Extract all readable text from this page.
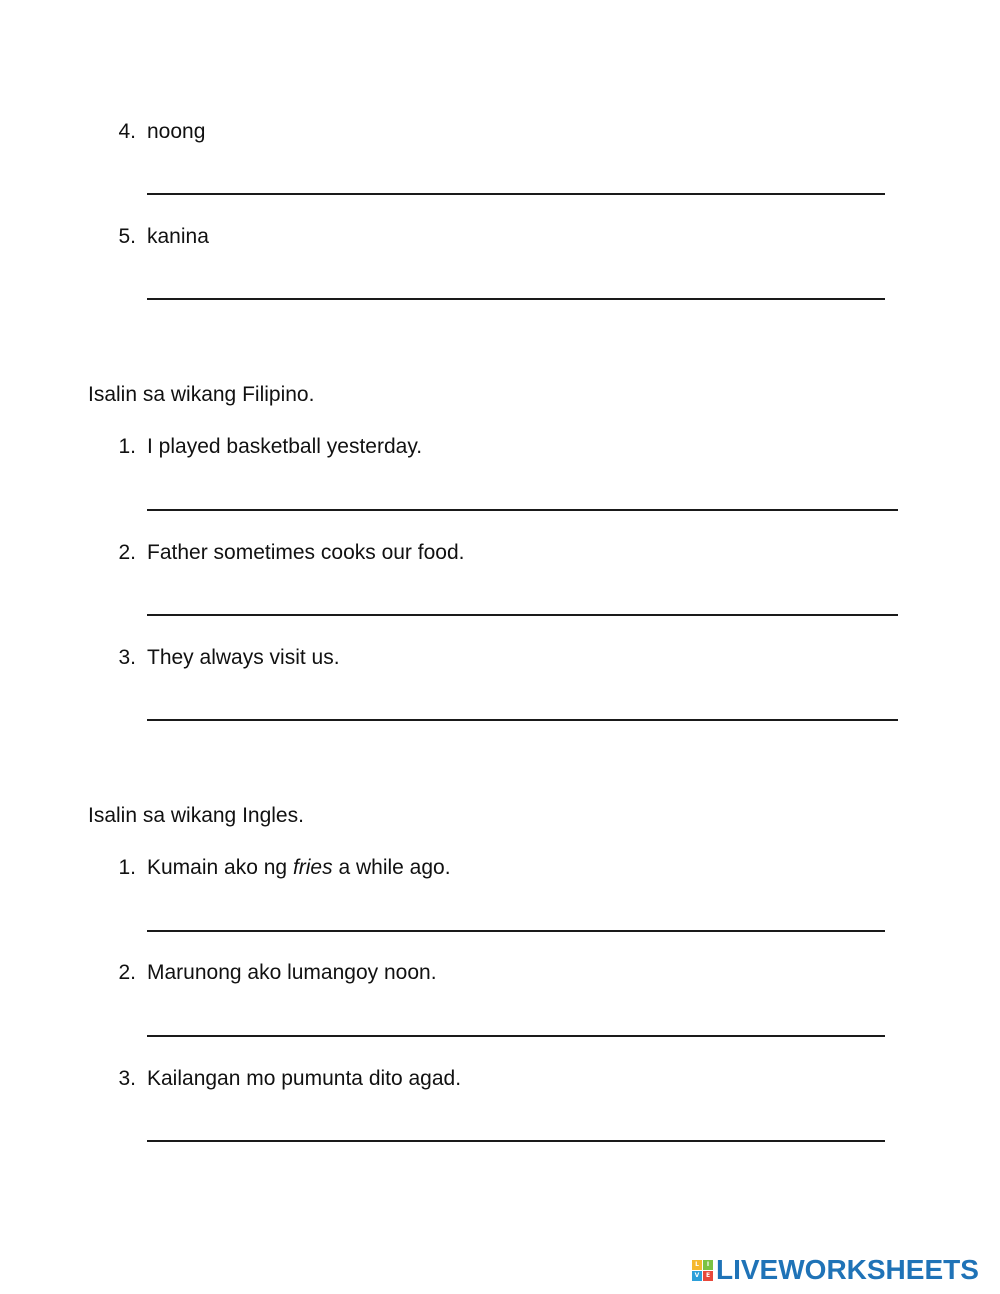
4. noong
5. kanina
Isalin sa wikang Filipino.
1. I played basketball yesterday.
2. Father sometimes cooks our food.
3. They always visit us.
Isalin sa wikang Ingles.
1. Kumain ako ng fries a while ago.
2. Marunong ako lumangoy noon.
3. Kailangan mo pumunta dito agad.
L	I
V	E LIVEWORKSHEETS
